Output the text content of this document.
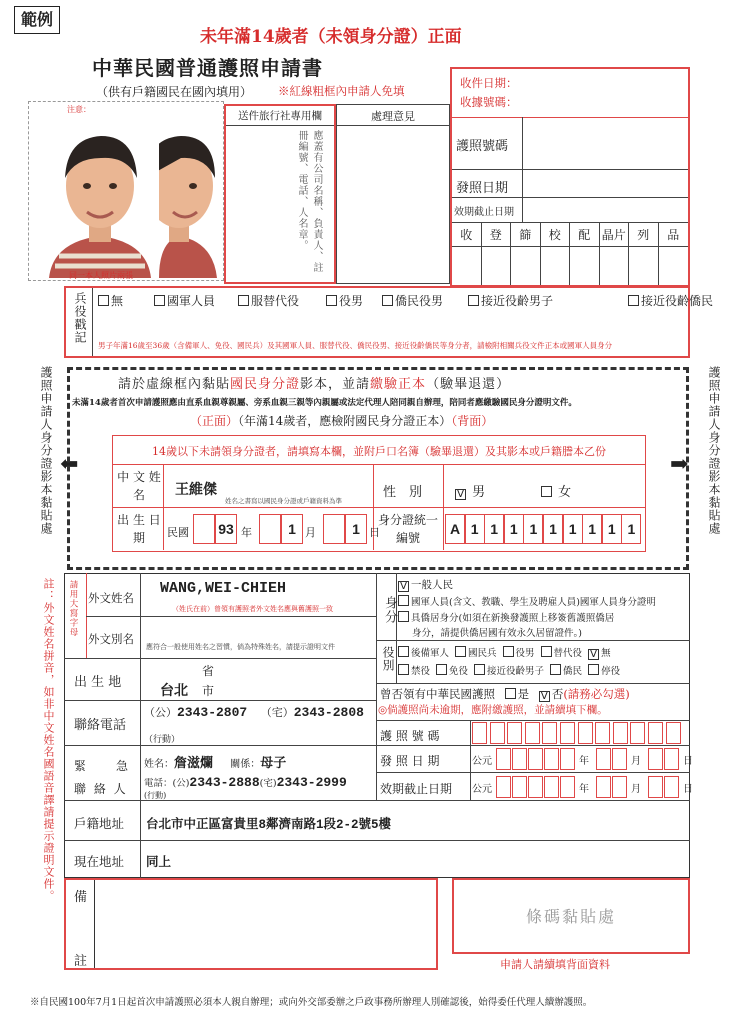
範例
未年滿14歲者（未領身分證）正面
中華民國普通護照申請書
（供有戶籍國民在國內填用） ※紅線粗框內申請人免填
收件日期：
收據號碼：
護照號碼
發照日期
效期截止日期
收	登	篩	校	配 晶片 列	品
注意：
同一本人照片兩張
送件旅行社專用欄
應蓋有公司名稱、負責人、註冊編號、電話、人名章。
處理意見
兵役戳記	無	國軍人員	服替代役	役男	僑民役男	接近役齡男子	接近役齡僑民
男子年滿16歲至36歲（含備軍人、免役、國民兵）及其國軍人員、服替代役、僑民役男、接近役齡僑民等身分者，請檢附相關兵役文件正本或國軍人員身分
護照申請人身分證影本黏貼處	護照申請人身分證影本黏貼處
⬅	➡
請於虛線框內黏貼國民身分證影本，並請繳驗正本（驗畢退還）
未滿14歲者首次申請護照應由直系血親尊親屬、旁系血親三親等內親屬或法定代理人陪同親自辦理，陪同者應繳驗國民身分證明文件。
（正面）（年滿14歲者，應檢附國民身分證正本）（背面）
14歲以下未請領身分證者，請填寫本欄，並附戶口名簿（驗畢退還）及其影本或戶籍謄本乙份
中 文 姓 名	王維傑
姓名之書寫以國民身分證或戶籍資料為準
性　別 V	男	女
出 生 日 期	民國 93 年	1 月	1 日
身分證統一編號
A 1 1 1 1 1 1 1 1 1
註：外文姓名拼音，如非中文姓名國語音譯請提示證明文件。 請用大寫字母 外文姓名
WANG,WEI-CHIEH
（姓氏在前）曾領有護照者外文姓名應與舊護照一致
外文別名
應符合一般使用姓名之習慣，倘為特殊姓名，請提示證明文件
出 生 地
省
台北 市
聯絡電話
（公）2343-2807 （宅）2343-2808
（行動）
緊　　急
聯 絡 人
姓名：詹滋爛 關係：母子
電話：(公)2343-2888(宅)2343-2999
(行動)
戶籍地址 台北市中正區富貴里8鄰濟南路1段2-2號5樓
現在地址 同上
身分
V一般人民
國軍人員(含文、教職、學生及聘雇人員)國軍人員身分證明
具僑居身分(如須在新換發護照上移簽舊護照僑居
身分，請提供僑居國有效永久居留證件。)
役別	後備軍人 國民兵 役男 替代役 V 無
禁役 免役 接近役齡男子 僑民 停役
曾否領有中華民國護照 是 V 否(請務必勾選)
◎倘護照尚未逾期，應附繳護照，並請續填下欄。
護 照 號 碼
發 照 日 期
效期截止日期
公元	年	月	日
公元	年	月	日
備
註
條碼黏貼處
申請人請續填背面資料
※自民國100年7月1日起首次申請護照必須本人親自辦理；或向外交部委辦之戶政事務所辦理人別確認後，始得委任代理人續辦護照。
